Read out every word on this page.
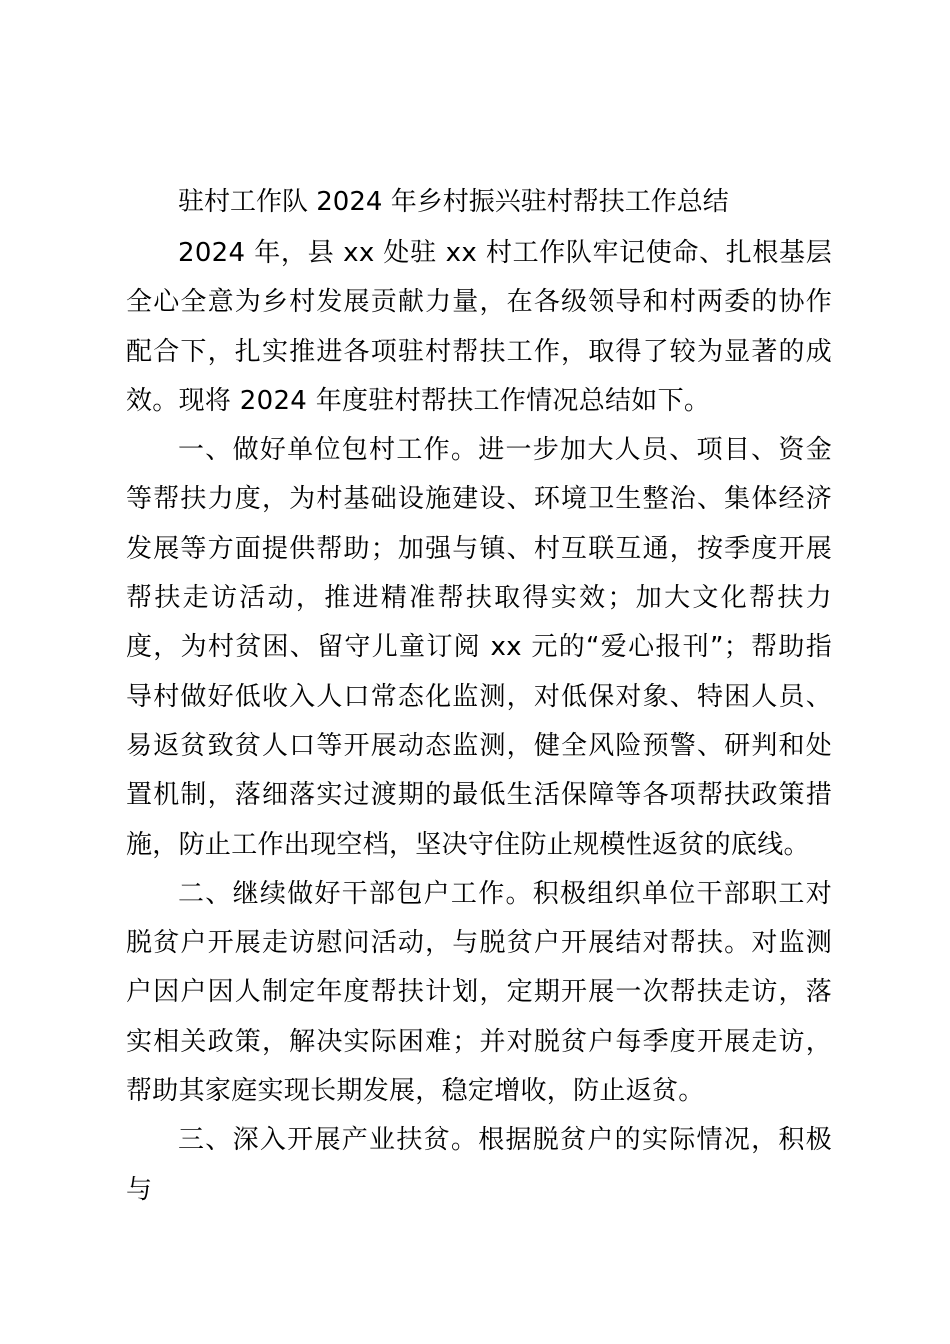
驻村工作队 2024 年乡村振兴驻村帮扶工作总结

2024 年，县 xx 处驻 xx 村工作队牢记使命、扎根基层全心全意为乡村发展贡献力量，在各级领导和村两委的协作配合下，扎实推进各项驻村帮扶工作，取得了较为显著的成效。现将 2024 年度驻村帮扶工作情况总结如下。

一、做好单位包村工作。进一步加大人员、项目、资金等帮扶力度，为村基础设施建设、环境卫生整治、集体经济发展等方面提供帮助；加强与镇、村互联互通，按季度开展帮扶走访活动，推进精准帮扶取得实效；加大文化帮扶力度，为村贫困、留守儿童订阅 xx 元的“爱心报刊”；帮助指导村做好低收入人口常态化监测，对低保对象、特困人员、易返贫致贫人口等开展动态监测，健全风险预警、研判和处置机制，落细落实过渡期的最低生活保障等各项帮扶政策措施，防止工作出现空档，坚决守住防止规模性返贫的底线。

二、继续做好干部包户工作。积极组织单位干部职工对脱贫户开展走访慰问活动，与脱贫户开展结对帮扶。对监测户因户因人制定年度帮扶计划，定期开展一次帮扶走访，落实相关政策，解决实际困难；并对脱贫户每季度开展走访，帮助其家庭实现长期发展，稳定增收，防止返贫。

三、深入开展产业扶贫。根据脱贫户的实际情况，积极与
